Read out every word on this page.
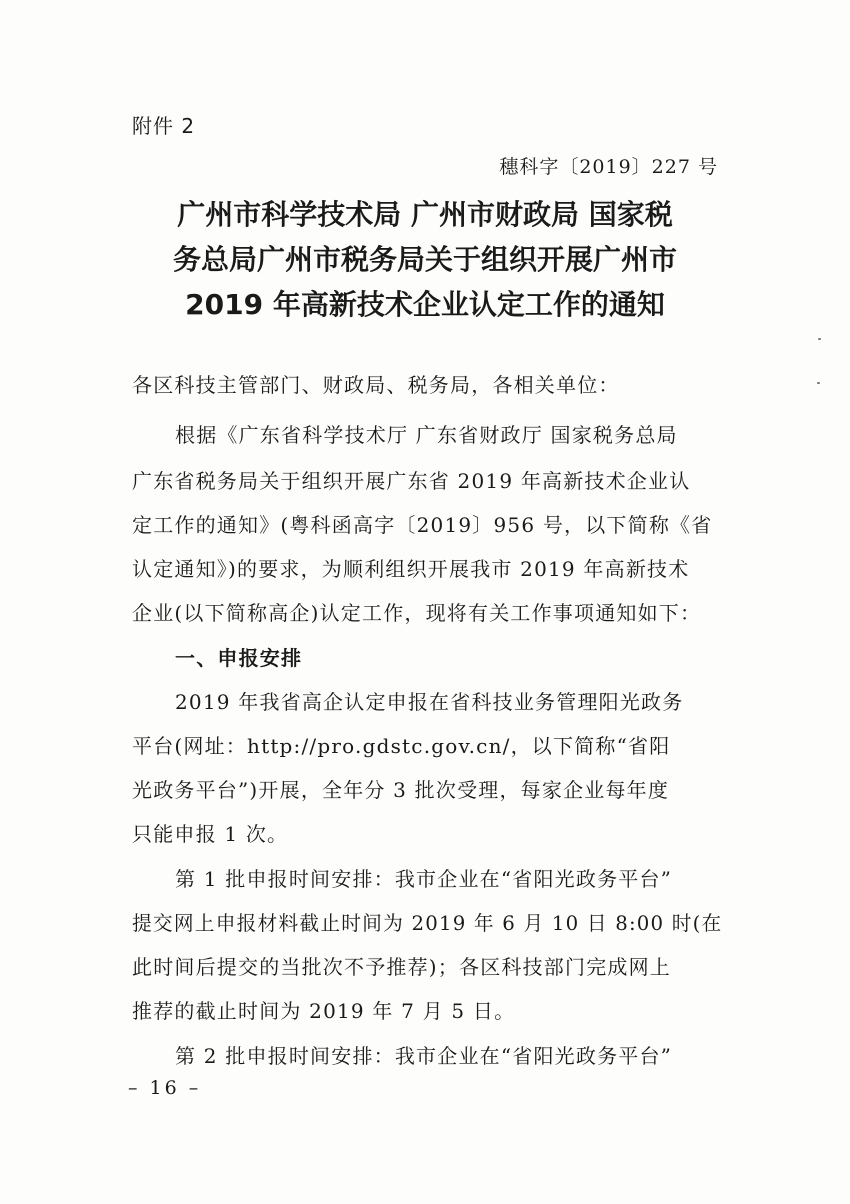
附件 2
穗科字〔2019〕227 号
广州市科学技术局 广州市财政局 国家税
务总局广州市税务局关于组织开展广州市
2019 年高新技术企业认定工作的通知
各区科技主管部门、财政局、税务局，各相关单位：
根据《广东省科学技术厅 广东省财政厅 国家税务总局
广东省税务局关于组织开展广东省 2019 年高新技术企业认
定工作的通知》(粤科函高字〔2019〕956 号，以下简称《省
认定通知》)的要求，为顺利组织开展我市 2019 年高新技术
企业(以下简称高企)认定工作，现将有关工作事项通知如下：
一、申报安排
2019 年我省高企认定申报在省科技业务管理阳光政务
平台(网址：http://pro.gdstc.gov.cn/，以下简称“省阳
光政务平台”)开展，全年分 3 批次受理，每家企业每年度
只能申报 1 次。
第 1 批申报时间安排：我市企业在“省阳光政务平台”
提交网上申报材料截止时间为 2019 年 6 月 10 日 8:00 时(在
此时间后提交的当批次不予推荐)；各区科技部门完成网上
推荐的截止时间为 2019 年 7 月 5 日。
第 2 批申报时间安排：我市企业在“省阳光政务平台”
– 16 –
